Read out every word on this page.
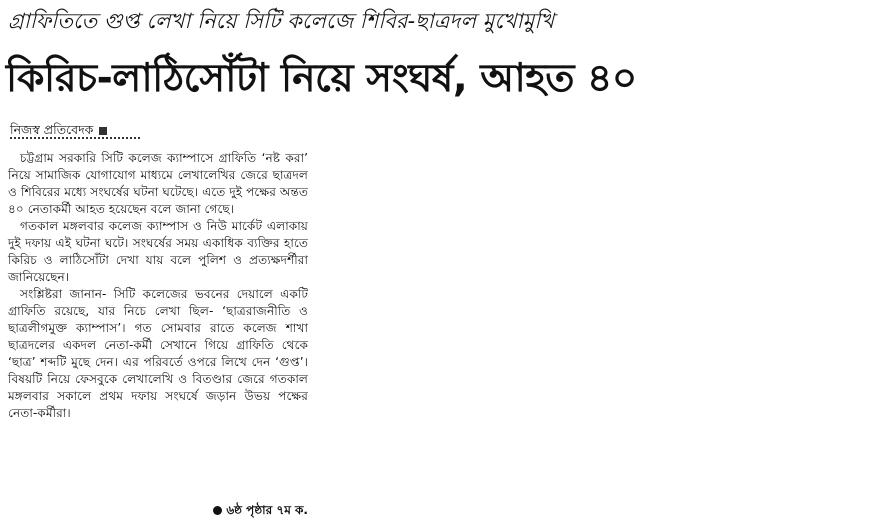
গ্রাফিতিতে গুপ্ত লেখা নিয়ে সিটি কলেজে শিবির-ছাত্রদল মুখোমুখি
কিরিচ-লাঠিসোঁটা নিয়ে সংঘর্ষ, আহত ৪০
নিজস্ব প্রতিবেদক

চট্টগ্রাম সরকারি সিটি কলেজ ক্যাম্পাসে গ্রাফিতি ‘নষ্ট করা’ নিয়ে সামাজিক যোগাযোগ মাধ্যমে লেখালেখির জেরে ছাত্রদল ও শিবিরের মধ্যে সংঘর্ষের ঘটনা ঘটেছে। এতে দুই পক্ষের অন্তত ৪০ নেতাকর্মী আহত হয়েছেন বলে জানা গেছে।

গতকাল মঙ্গলবার কলেজ ক্যাম্পাস ও নিউ মার্কেট এলাকায় দুই দফায় এই ঘটনা ঘটে। সংঘর্ষের সময় একাধিক ব্যক্তির হাতে কিরিচ ও লাঠিসোঁটা দেখা যায় বলে পুলিশ ও প্রত্যক্ষদর্শীরা জানিয়েছেন।

সংশ্লিষ্টরা জানান- সিটি কলেজের ভবনের দেয়ালে একটি গ্রাফিতি রয়েছে, যার নিচে লেখা ছিল- ‘ছাত্ররাজনীতি ও ছাত্রলীগমুক্ত ক্যাম্পাস’। গত সোমবার রাতে কলেজ শাখা ছাত্রদলের একদল নেতা-কর্মী সেখানে গিয়ে গ্রাফিতি থেকে ‘ছাত্র’ শব্দটি মুছে দেন। এর পরিবর্তে ওপরে লিখে দেন ‘গুপ্ত’। বিষয়টি নিয়ে ফেসবুকে লেখালেখি ও বিতণ্ডার জেরে গতকাল মঙ্গলবার সকালে প্রথম দফায় সংঘর্ষে জড়ান উভয় পক্ষের নেতা-কর্মীরা।

৬ষ্ঠ পৃষ্ঠার ৭ম ক.
